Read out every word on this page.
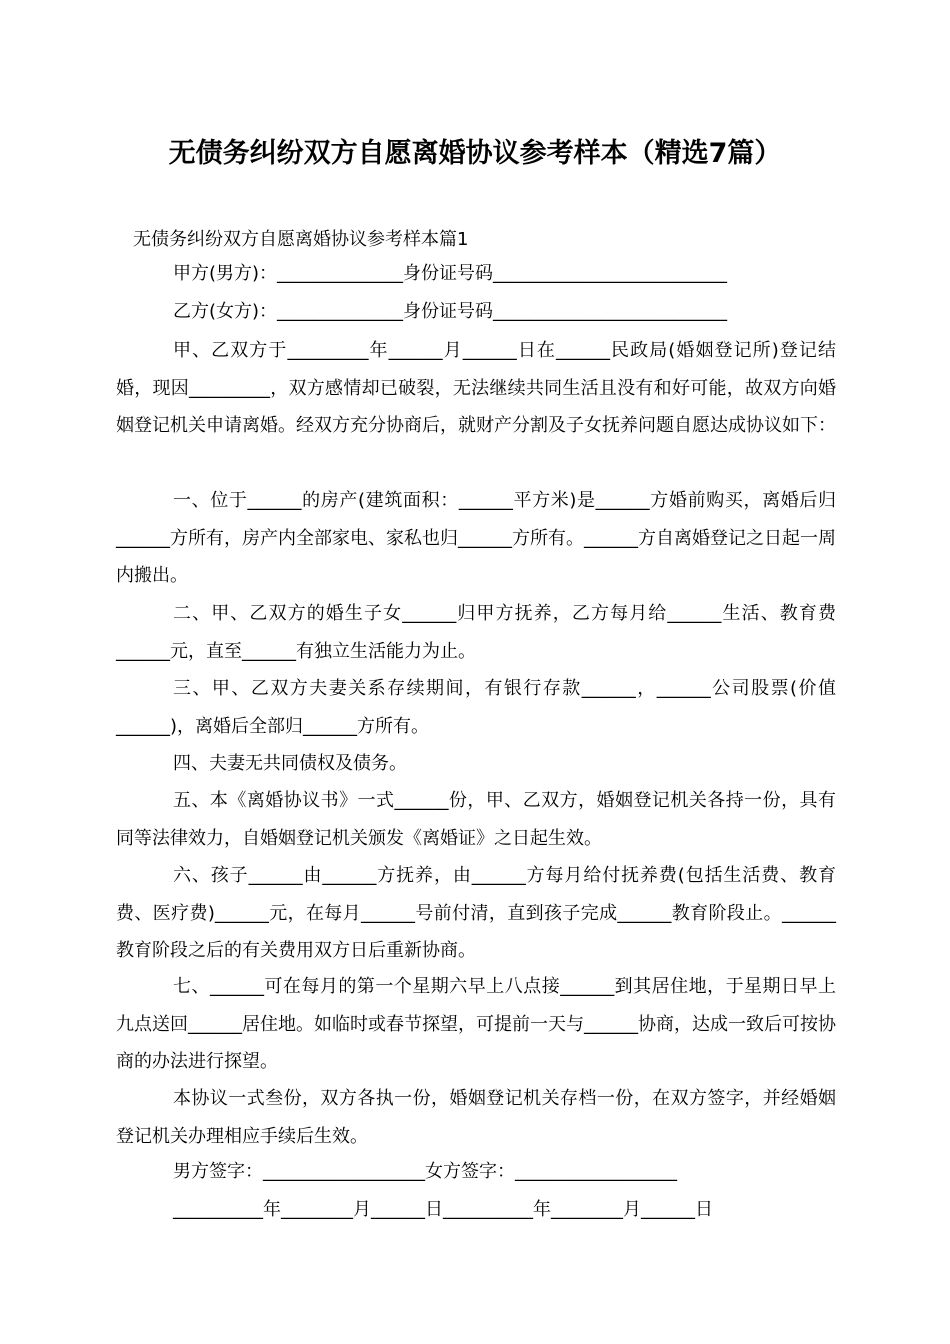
无债务纠纷双方自愿离婚协议参考样本（精选7篇）
无债务纠纷双方自愿离婚协议参考样本篇1

甲方(男方)：______________身份证号码__________________________

乙方(女方)：______________身份证号码__________________________

甲、乙双方于_________年______月______日在______民政局(婚姻登记所)登记结婚，现因_________，双方感情却已破裂，无法继续共同生活且没有和好可能，故双方向婚姻登记机关申请离婚。经双方充分协商后，就财产分割及子女抚养问题自愿达成协议如下：

一、位于______的房产(建筑面积：______平方米)是______方婚前购买，离婚后归______方所有，房产内全部家电、家私也归______方所有。______方自离婚登记之日起一周内搬出。

二、甲、乙双方的婚生子女______归甲方抚养，乙方每月给______生活、教育费______元，直至______有独立生活能力为止。

三、甲、乙双方夫妻关系存续期间，有银行存款______，______公司股票(价值______)，离婚后全部归______方所有。

四、夫妻无共同债权及债务。

五、本《离婚协议书》一式______份，甲、乙双方，婚姻登记机关各持一份，具有同等法律效力，自婚姻登记机关颁发《离婚证》之日起生效。

六、孩子______由______方抚养，由______方每月给付抚养费(包括生活费、教育费、医疗费)______元，在每月______号前付清，直到孩子完成______教育阶段止。______教育阶段之后的有关费用双方日后重新协商。

七、______可在每月的第一个星期六早上八点接______到其居住地，于星期日早上九点送回______居住地。如临时或春节探望，可提前一天与______协商，达成一致后可按协商的办法进行探望。

本协议一式叁份，双方各执一份，婚姻登记机关存档一份，在双方签字，并经婚姻登记机关办理相应手续后生效。

男方签字：__________________女方签字：__________________

__________年________月______日__________年________月______日
